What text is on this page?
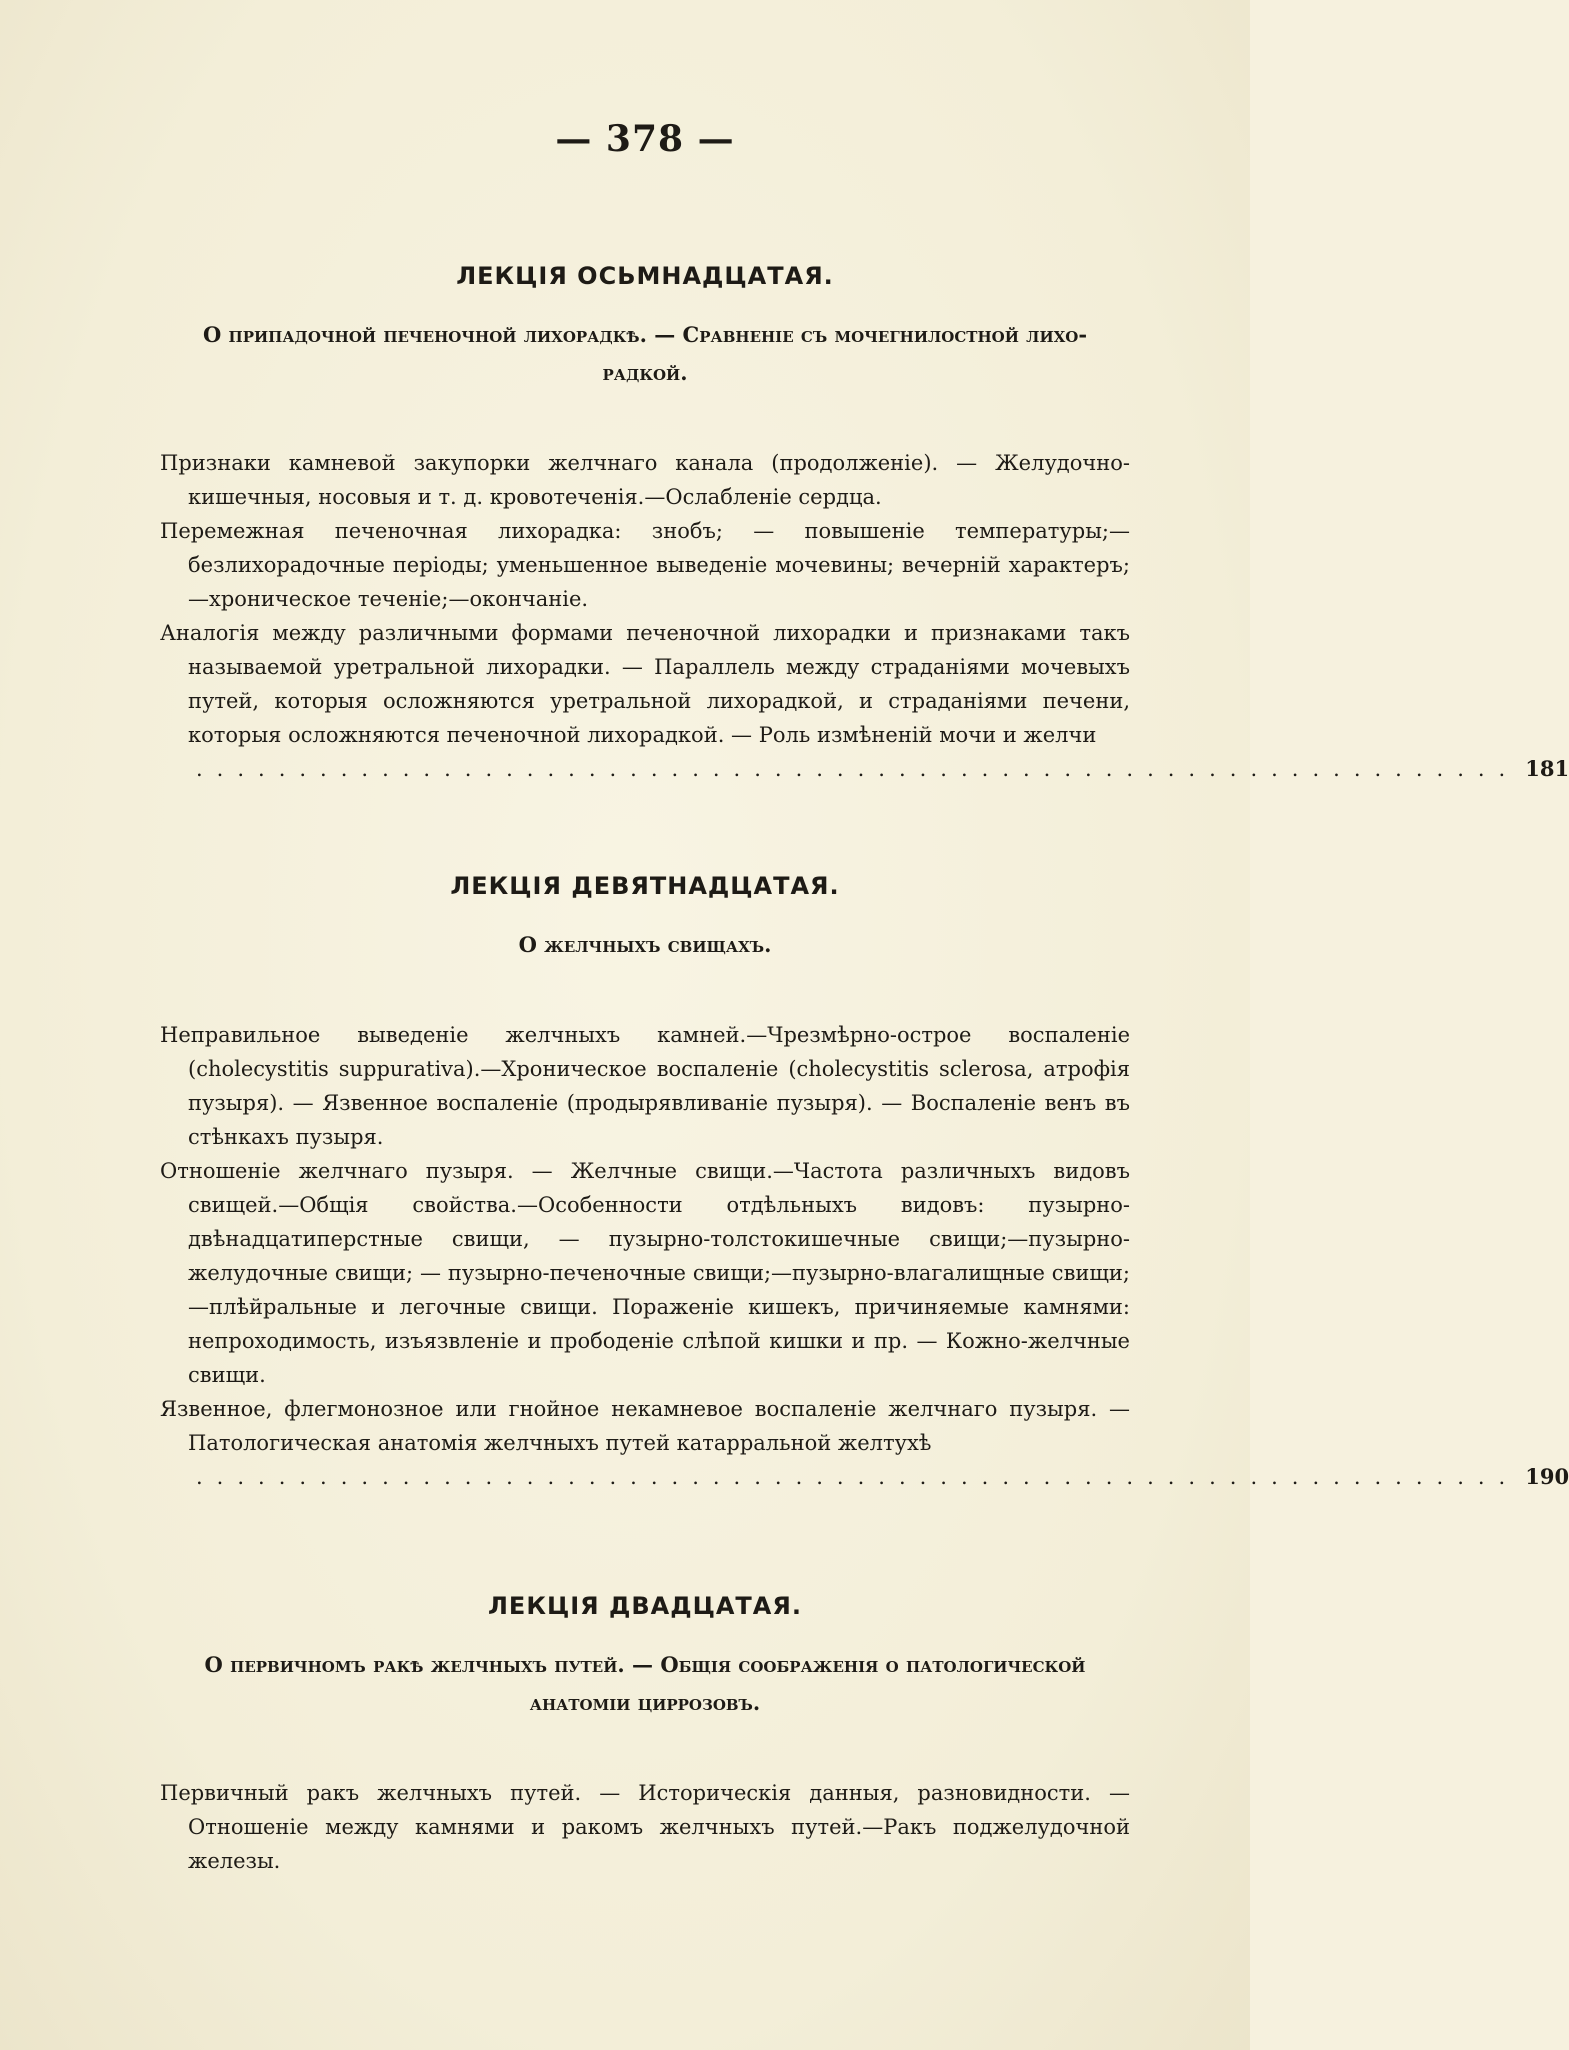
— 378 —
ЛЕКЦІЯ ОСЬМНАДЦАТАЯ.
О припадочной печеночной лихорадкѣ. — Сравненіе съ мочегнилостной лихо-
радкой.

Признаки камневой закупорки желчнаго канала (продолженіе). — Желудочно-кишечныя, носовыя и т. д. кровотеченія.—Ослабленіе сердца.

Перемежная печеночная лихорадка: знобъ; — повышеніе температуры;—безлихорадочные періоды; уменьшенное выведеніе мочевины; вечерній характеръ;—хроническое теченіе;—окончаніе.

Аналогія между различными формами печеночной лихорадки и признаками такъ называемой уретральной лихорадки. — Параллель между страданіями мочевыхъ путей, которыя осложняются уретральной лихорадкой, и страданіями печени, которыя осложняются печеночной лихорадкой. — Роль измѣненій мочи и желчи

................................................................ 181
ЛЕКЦІЯ ДЕВЯТНАДЦАТАЯ.
О желчныхъ свищахъ.

Неправильное выведеніе желчныхъ камней.—Чрезмѣрно-острое воспаленіе (cholecystitis suppurativa).—Хроническое воспаленіе (cholecystitis sclerosa, атрофія пузыря). — Язвенное воспаленіе (продырявливаніе пузыря). — Воспаленіе венъ въ стѣнкахъ пузыря.

Отношеніе желчнаго пузыря. — Желчные свищи.—Частота различныхъ видовъ свищей.—Общія свойства.—Особенности отдѣльныхъ видовъ: пузырно-двѣнадцатиперстные свищи, — пузырно-толстокишечные свищи;—пузырно-желудочные свищи; — пузырно-печеночные свищи;—пузырно-влагалищные свищи;—плѣйральные и легочные свищи. Пораженіе кишекъ, причиняемые камнями: непроходимость, изъязвленіе и прободеніе слѣпой кишки и пр. — Кожно-желчные свищи.

Язвенное, флегмонозное или гнойное некамневое воспаленіе желчнаго пузыря. — Патологическая анатомія желчныхъ путей катарральной желтухѣ

................................................................ 190
ЛЕКЦІЯ ДВАДЦАТАЯ.
О первичномъ ракѣ желчныхъ путей. — Общія соображенія о патологической
анатоміи циррозовъ.

Первичный ракъ желчныхъ путей. — Историческія данныя, разновидности. — Отношеніе между камнями и ракомъ желчныхъ путей.—Ракъ поджелудочной железы.
